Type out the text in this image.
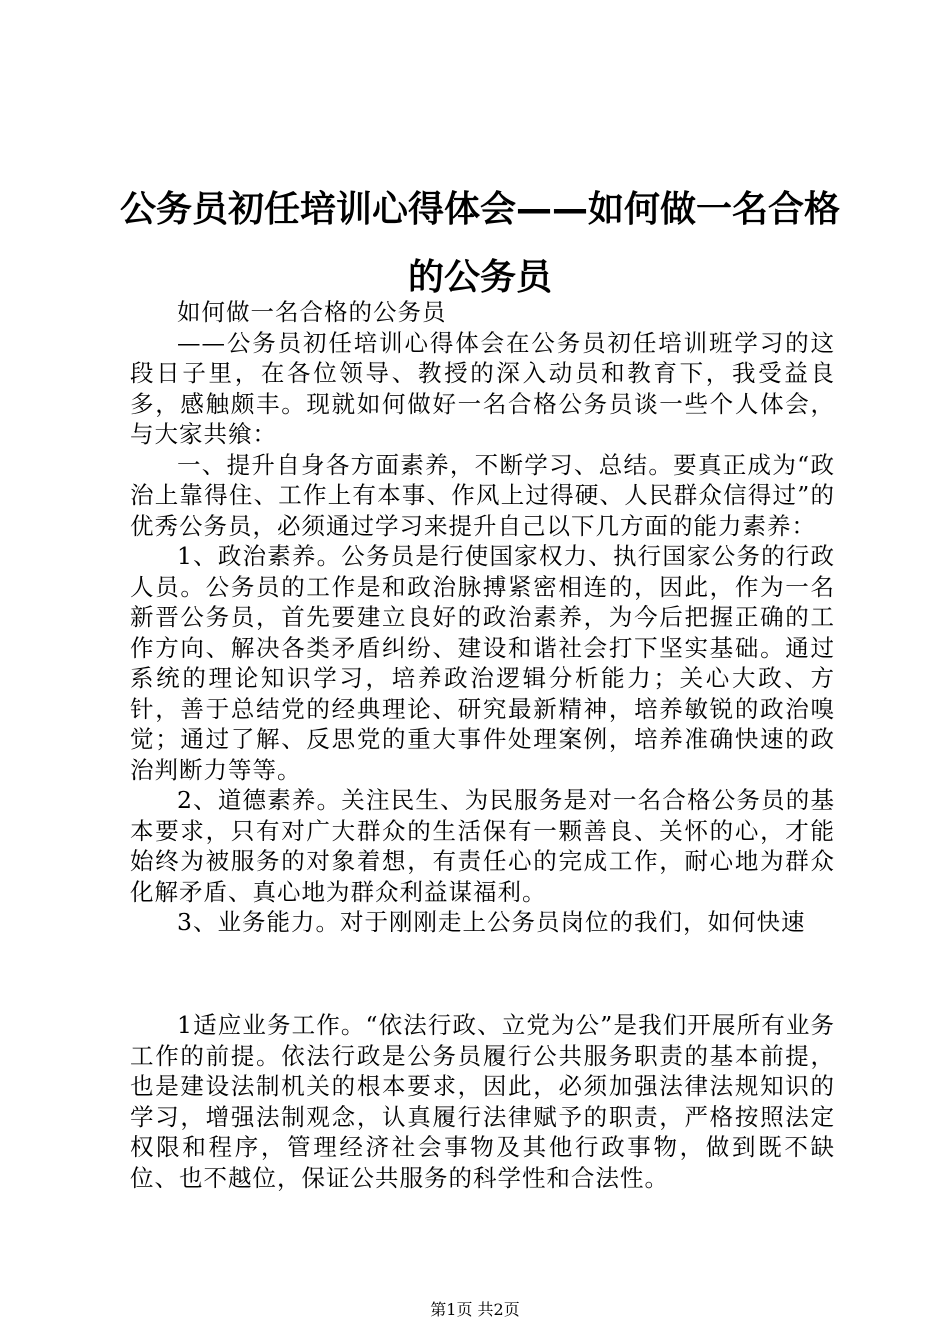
公务员初任培训心得体会——如何做一名合格的公务员

如何做一名合格的公务员

——公务员初任培训心得体会在公务员初任培训班学习的这段日子里，在各位领导、教授的深入动员和教育下，我受益良多，感触颇丰。现就如何做好一名合格公务员谈一些个人体会，与大家共飨：

一、提升自身各方面素养，不断学习、总结。要真正成为“政治上靠得住、工作上有本事、作风上过得硬、人民群众信得过”的优秀公务员，必须通过学习来提升自己以下几方面的能力素养：

1、政治素养。公务员是行使国家权力、执行国家公务的行政人员。公务员的工作是和政治脉搏紧密相连的，因此，作为一名新晋公务员，首先要建立良好的政治素养，为今后把握正确的工作方向、解决各类矛盾纠纷、建设和谐社会打下坚实基础。通过系统的理论知识学习，培养政治逻辑分析能力；关心大政、方针，善于总结党的经典理论、研究最新精神，培养敏锐的政治嗅觉；通过了解、反思党的重大事件处理案例，培养准确快速的政治判断力等等。

2、道德素养。关注民生、为民服务是对一名合格公务员的基本要求，只有对广大群众的生活保有一颗善良、关怀的心，才能始终为被服务的对象着想，有责任心的完成工作，耐心地为群众化解矛盾、真心地为群众利益谋福利。

3、业务能力。对于刚刚走上公务员岗位的我们，如何快速

1适应业务工作。“依法行政、立党为公”是我们开展所有业务工作的前提。依法行政是公务员履行公共服务职责的基本前提，也是建设法制机关的根本要求，因此，必须加强法律法规知识的学习，增强法制观念，认真履行法律赋予的职责，严格按照法定权限和程序，管理经济社会事物及其他行政事物，做到既不缺位、也不越位，保证公共服务的科学性和合法性。

第1页 共2页
